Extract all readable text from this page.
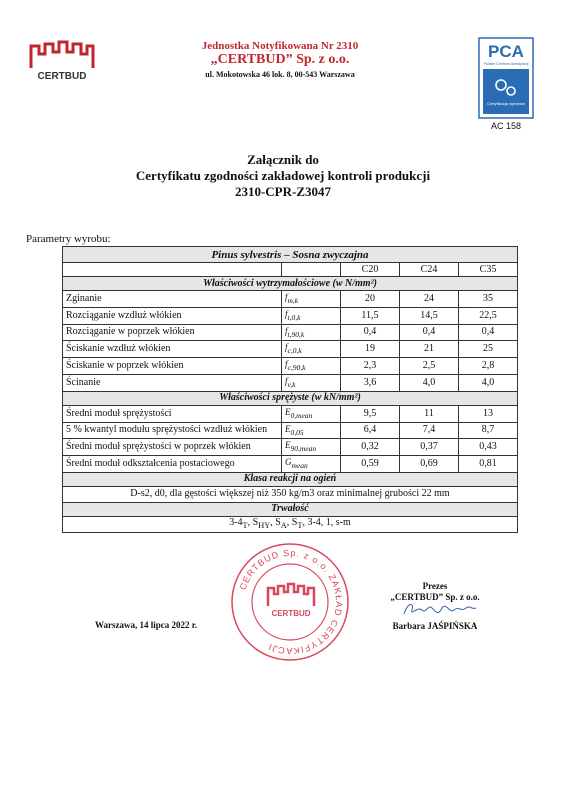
CERTBUD
Jednostka Notyfikowana Nr 2310
„CERTBUD” Sp. z o.o.
ul. Mokotowska 46 lok. 8, 00-543 Warszawa
PCA
Polskie Centrum Akredytacji
Certyfikacja wyrobów
AC 158
Załącznik do
Certyfikatu zgodności zakładowej kontroli produkcji
2310-CPR-Z3047
Parametry wyrobu:
Pinus sylvestris – Sosna zwyczajna				
		C20	C24	C35
Właściwości wytrzymałościowe (w N/mm²)				
Zginanie	$f_{m,k}$	20	24	35
Rozciąganie wzdłuż włókien	$f_{t,0,k}$	11,5	14,5	22,5
Rozciąganie w poprzek włókien	$f_{t,90,k}$	0,4	0,4	0,4
Ściskanie wzdłuż włókien	$f_{c,0,k}$	19	21	25
Ściskanie w poprzek włókien	$f_{c,90,k}$	2,3	2,5	2,8
Ścinanie	$f_{v,k}$	3,6	4,0	4,0
Właściwości sprężyste (w kN/mm²)				
Średni moduł sprężystości	$E_{0,mean}$	9,5	11	13
5 % kwantyl modułu sprężystości wzdłuż włókien	$E_{0,05}$	6,4	7,4	8,7
Średni moduł sprężystości w poprzek włókien	$E_{90,mean}$	0,32	0,37	0,43
Średni moduł odkształcenia postaciowego	$G_{mean}$	0,59	0,69	0,81
Klasa reakcji na ogień				
D-s2, d0, dla gęstości większej niż 350 kg/m3 oraz minimalnej grubości 22 mm				
Trwałość				
$3-4_T$, $S_{HY}$, $S_A$, $S_T$, 3-4, 1, s-m				
CERTBUD Sp. z o.o. ZAKŁAD CERTYFIKACJI
CERTBUD
Warszawa, 14 lipca 2022 r.
Prezes
„CERTBUD” Sp. z o.o.
Barbara JAŚPIŃSKA
